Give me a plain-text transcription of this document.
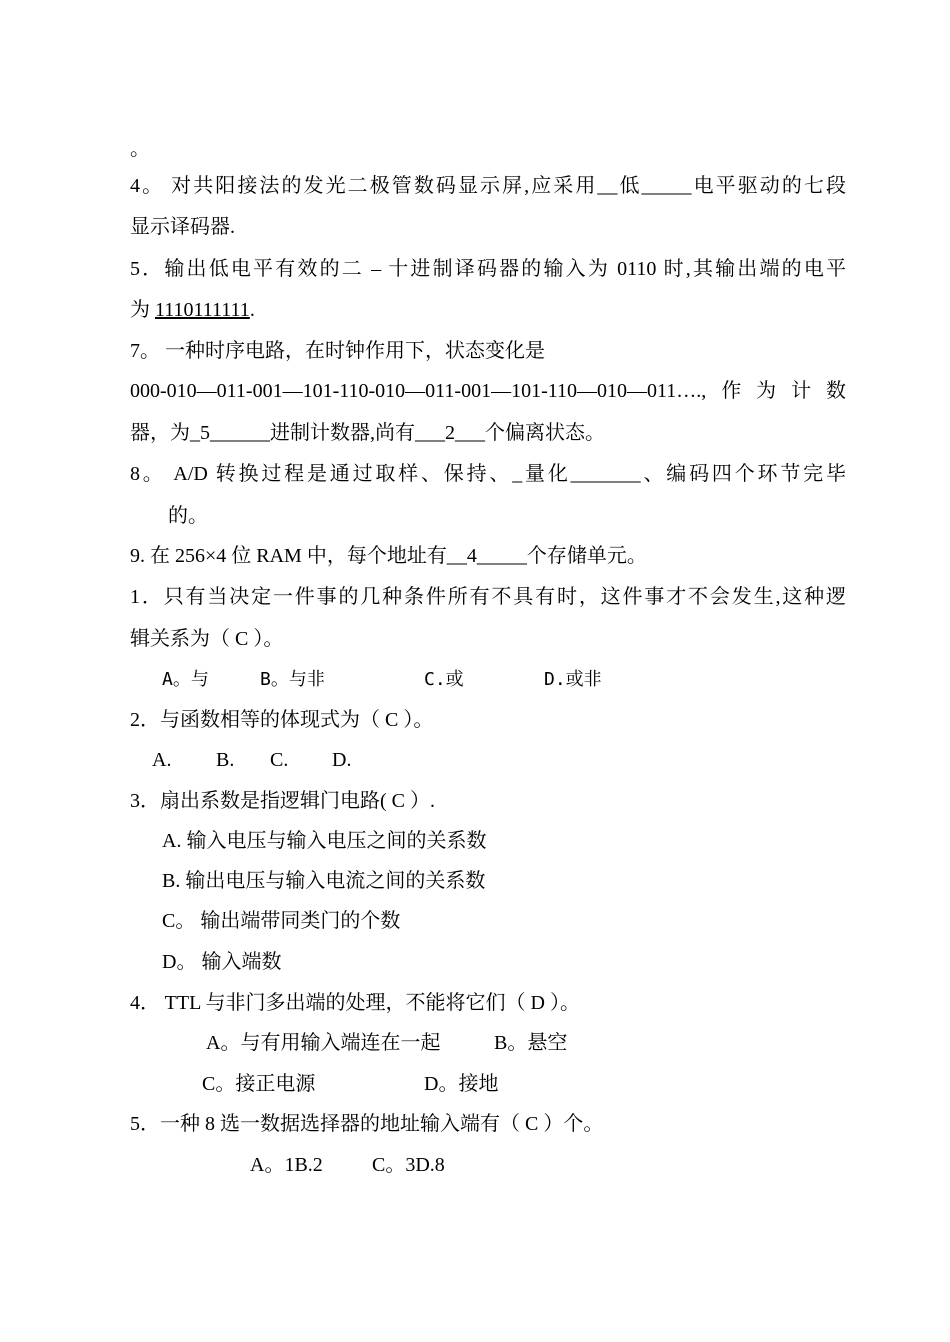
。
4。 对共阳接法的发光二极管数码显示屏,应采用__低_____电平驱动的七段
显示译码器.
5．输出低电平有效的二 – 十进制译码器的输入为 0110 时,其输出端的电平
为 1110111111.
7。 一种时序电路，在时钟作用下，状态变化是
000-010—011-001—101-110-010—011-001—101-110—010—011….,作为计数
器，为_5______进制计数器,尚有___2___个偏离状态。
8。 A/D 转换过程是通过取样、保持、_量化_______、编码四个环节完毕
的。
9. 在 256×4 位 RAM 中，每个地址有__4_____个存储单元。
1．只有当决定一件事的几种条件所有不具有时，这件事才不会发生,这种逻
辑关系为（ C ）。
A。与	B。与非	C.或	D.或非
2．与函数相等的体现式为（ C ）。
A. B. C. D.
3．扇出系数是指逻辑门电路( C ）.
A. 输入电压与输入电压之间的关系数
B. 输出电压与输入电流之间的关系数
C。 输出端带同类门的个数
D。 输入端数
4． TTL 与非门多出端的处理，不能将它们（ D ）。
A。与有用输入端连在一起	B。悬空
C。接正电源	D。接地
5．一种 8 选一数据选择器的地址输入端有（ C ）个。
A。1B.2 C。3D.8
